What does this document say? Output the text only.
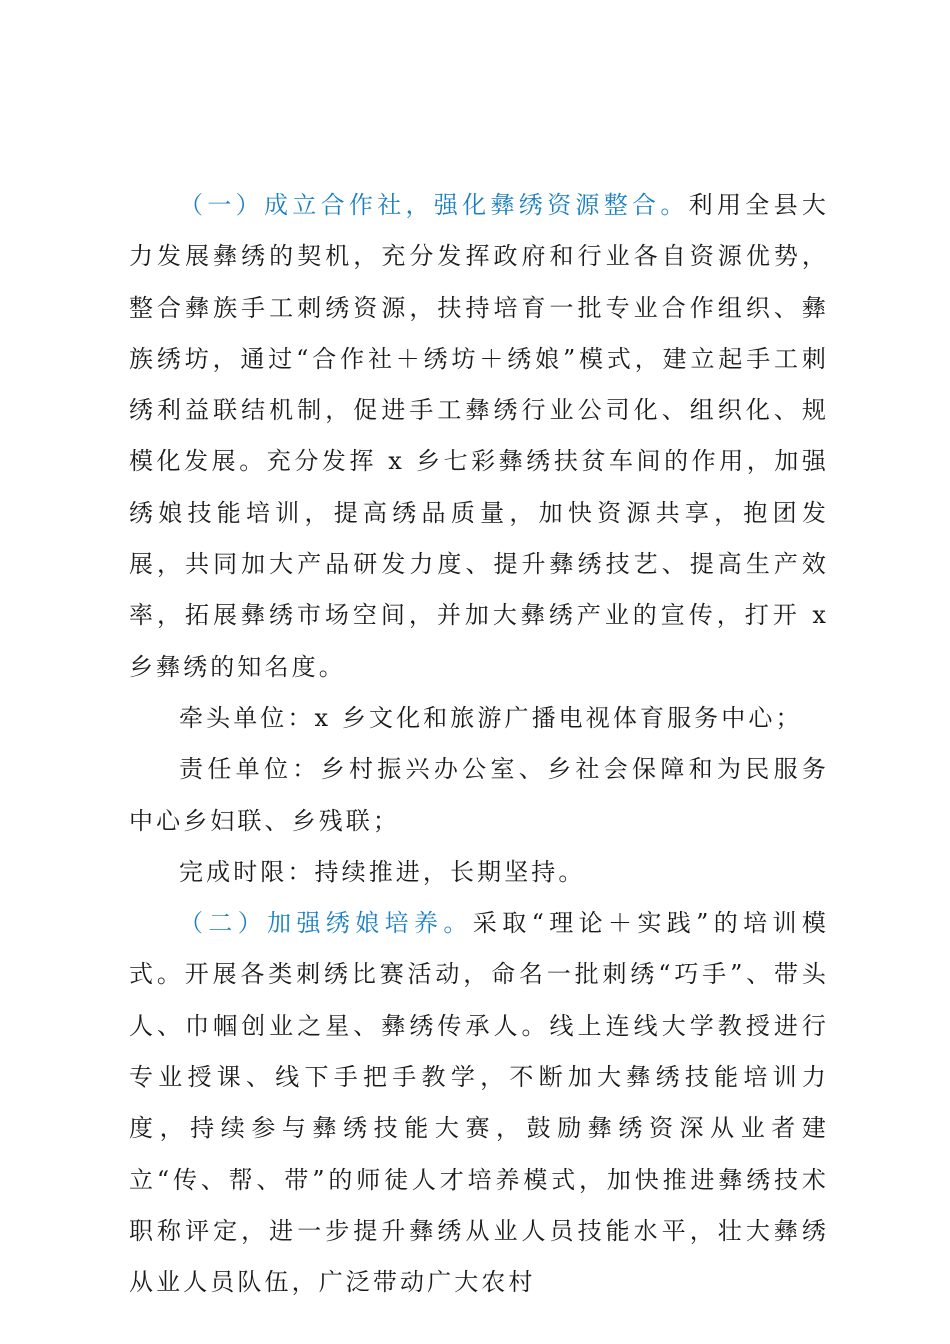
（一）成立合作社，强化彝绣资源整合。利用全县大力发展彝绣的契机，充分发挥政府和行业各自资源优势，整合彝族手工刺绣资源，扶持培育一批专业合作组织、彝族绣坊，通过“合作社＋绣坊＋绣娘”模式，建立起手工刺绣利益联结机制，促进手工彝绣行业公司化、组织化、规模化发展。充分发挥 x 乡七彩彝绣扶贫车间的作用，加强绣娘技能培训，提高绣品质量，加快资源共享，抱团发展，共同加大产品研发力度、提升彝绣技艺、提高生产效率，拓展彝绣市场空间，并加大彝绣产业的宣传，打开 x 乡彝绣的知名度。

牵头单位：x 乡文化和旅游广播电视体育服务中心；

责任单位：乡村振兴办公室、乡社会保障和为民服务中心乡妇联、乡残联；

完成时限：持续推进，长期坚持。

（二）加强绣娘培养。采取“理论＋实践”的培训模式。开展各类刺绣比赛活动，命名一批刺绣“巧手”、带头人、巾帼创业之星、彝绣传承人。线上连线大学教授进行专业授课、线下手把手教学，不断加大彝绣技能培训力度，持续参与彝绣技能大赛，鼓励彝绣资深从业者建立“传、帮、带”的师徒人才培养模式，加快推进彝绣技术职称评定，进一步提升彝绣从业人员技能水平，壮大彝绣从业人员队伍，广泛带动广大农村
